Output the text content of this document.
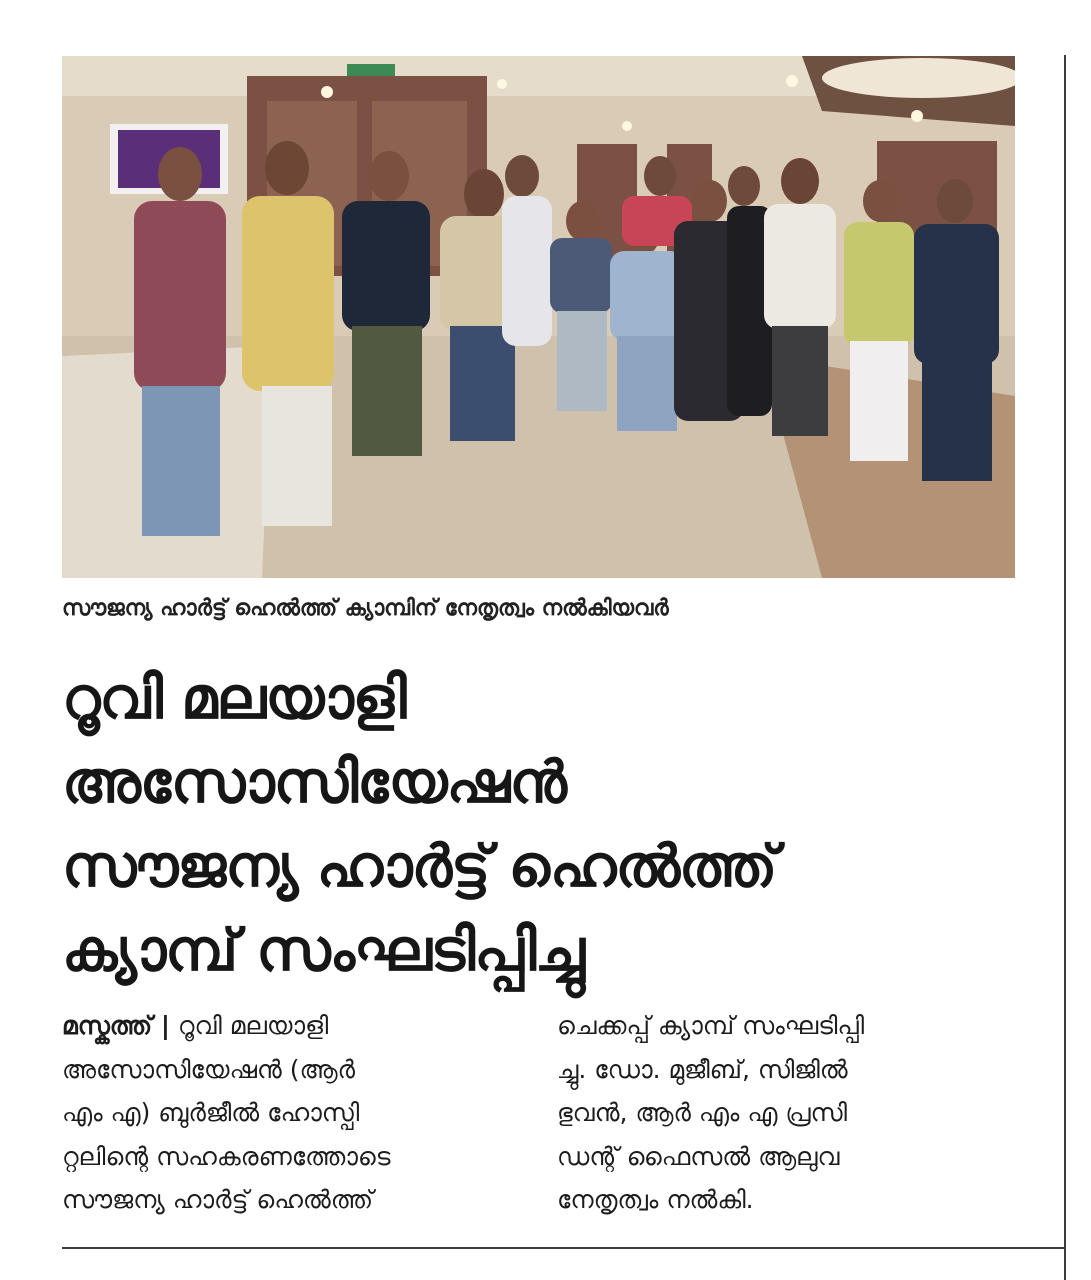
സൗജന്യ ഹാർട്ട് ഹെൽത്ത് ക്യാമ്പിന് നേതൃത്വം നൽകിയവർ
റൂവി മലയാളി
അസോസിയേഷൻ
സൗജന്യ ഹാർട്ട് ഹെൽത്ത്
ക്യാമ്പ് സംഘടിപ്പിച്ചു
മസ്കത്ത് | റൂവി മലയാളി
അസോസിയേഷൻ (ആർ
എം എ) ബുർജീൽ ഹോസ്പി
റ്റലിന്റെ സഹകരണത്തോടെ
സൗജന്യ ഹാർട്ട് ഹെൽത്ത്
ചെക്കപ്പ് ക്യാമ്പ് സംഘടിപ്പി
ച്ചു. ഡോ. മുജീബ്, സിജിൽ
ഭുവൻ, ആർ എം എ പ്രസി
ഡന്റ് ഫൈസൽ ആലുവ
നേതൃത്വം നൽകി.
